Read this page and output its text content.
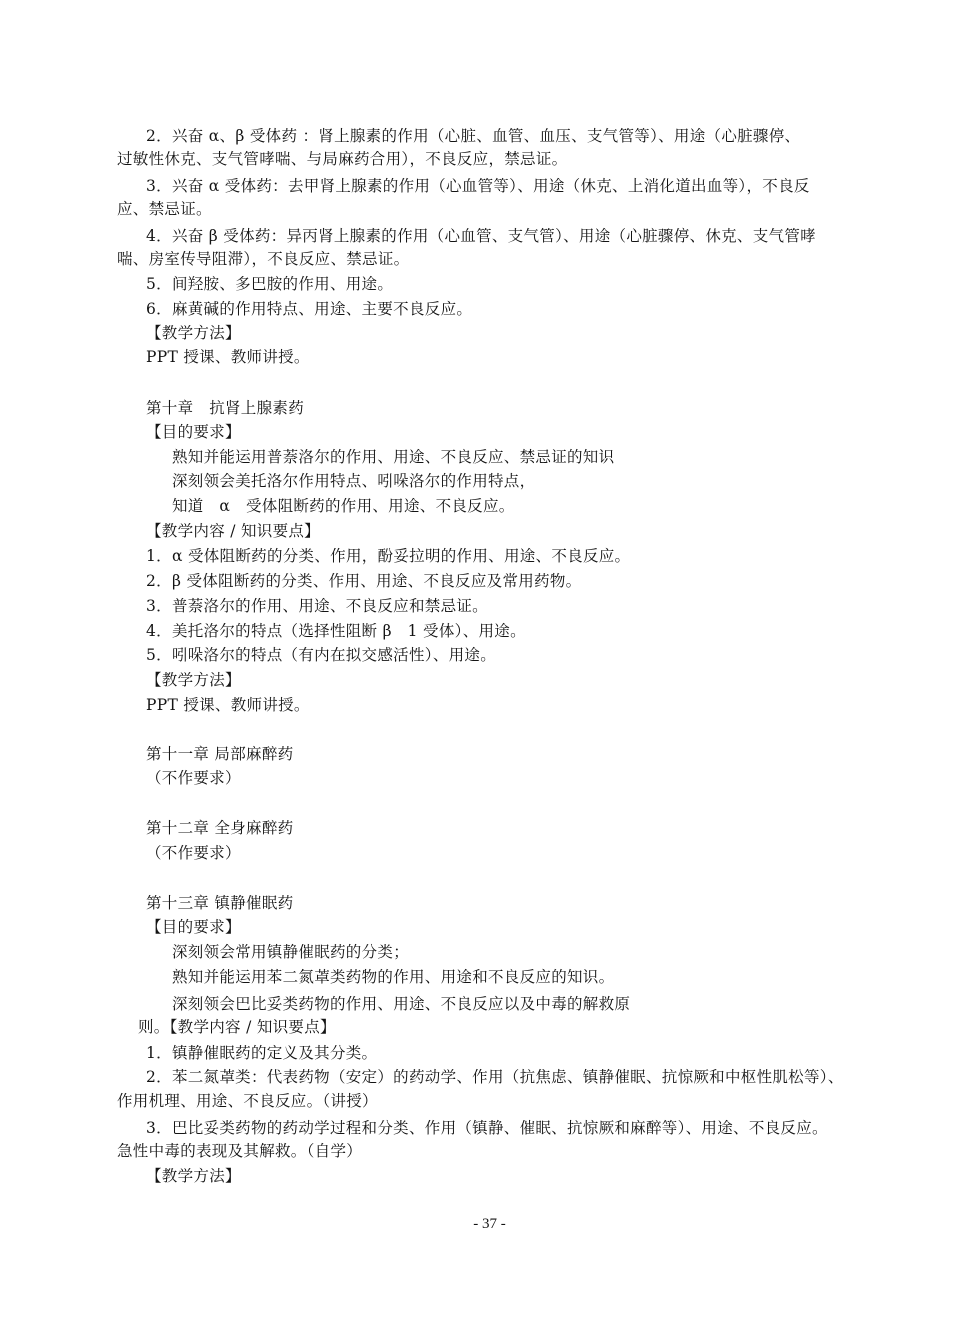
2．兴奋 α、β 受体药 ：肾上腺素的作用（心脏、血管、血压、支气管等）、用途（心脏骤停、
过敏性休克、支气管哮喘、与局麻药合用），不良反应，禁忌证。
3．兴奋 α 受体药：去甲肾上腺素的作用（心血管等）、用途（休克、上消化道出血等），不良反
应、禁忌证。
4．兴奋 β 受体药：异丙肾上腺素的作用（心血管、支气管）、用途（心脏骤停、休克、支气管哮
喘、房室传导阻滞），不良反应、禁忌证。
5．间羟胺、多巴胺的作用、用途。
6．麻黄碱的作用特点、用途、主要不良反应。
【教学方法】
PPT 授课、教师讲授。
第十章　抗肾上腺素药
【目的要求】
熟知并能运用普萘洛尔的作用、用途、不良反应、禁忌证的知识
深刻领会美托洛尔作用特点、吲哚洛尔的作用特点，
知道　α　受体阻断药的作用、用途、不良反应。
【教学内容 / 知识要点】
1．α 受体阻断药的分类、作用，酚妥拉明的作用、用途、不良反应。
2．β 受体阻断药的分类、作用、用途、不良反应及常用药物。
3．普萘洛尔的作用、用途、不良反应和禁忌证。
4．美托洛尔的特点（选择性阻断 β　1 受体）、用途。
5．吲哚洛尔的特点（有内在拟交感活性）、用途。
【教学方法】
PPT 授课、教师讲授。
第十一章 局部麻醉药
（不作要求）
第十二章 全身麻醉药
（不作要求）
第十三章 镇静催眠药
【目的要求】
深刻领会常用镇静催眠药的分类；
熟知并能运用苯二氮䓬类药物的作用、用途和不良反应的知识。
深刻领会巴比妥类药物的作用、用途、不良反应以及中毒的解救原
则。【教学内容 / 知识要点】
1．镇静催眠药的定义及其分类。
2．苯二氮䓬类：代表药物（安定）的药动学、作用（抗焦虑、镇静催眠、抗惊厥和中枢性肌松等）、
作用机理、用途、不良反应。（讲授）
3．巴比妥类药物的药动学过程和分类、作用（镇静、催眠、抗惊厥和麻醉等）、用途、不良反应。
急性中毒的表现及其解救。（自学）
【教学方法】
- 37 -
